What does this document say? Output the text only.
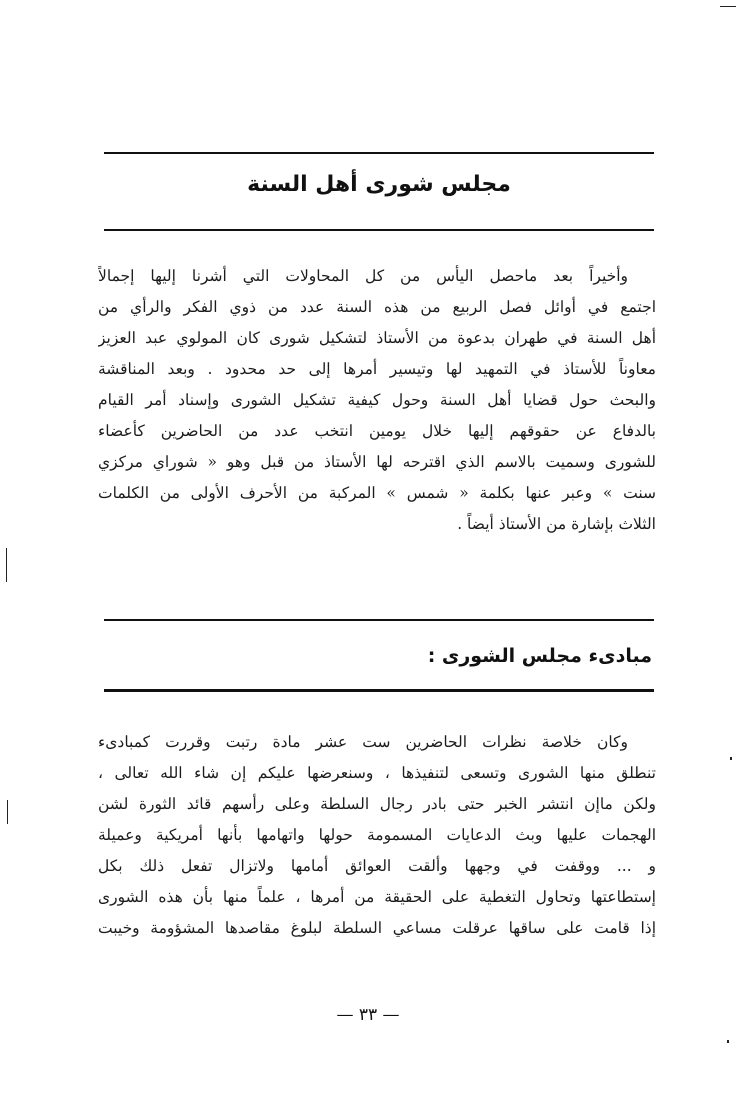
مجلس شورى أهل السنة
وأخيراً بعد ماحصل اليأس من كل المحاولات التي أشرنا إليها إجمالاً
اجتمع في أوائل فصل الربيع من هذه السنة عدد من ذوي الفكر والرأي من
أهل السنة في طهران بدعوة من الأستاذ لتشكيل شورى كان المولوي عبد العزيز
معاوناً للأستاذ في التمهيد لها وتيسير أمرها إلى حد محدود . وبعد المناقشة
والبحث حول قضايا أهل السنة وحول كيفية تشكيل الشورى وإسناد أمر القيام
بالدفاع عن حقوقهم إليها خلال يومين انتخب عدد من الحاضرين كأعضاء
للشورى وسميت بالاسم الذي اقترحه لها الأستاذ من قبل وهو « شوراي مركزي
سنت » وعبر عنها بكلمة « شمس » المركبة من الأحرف الأولى من الكلمات
الثلاث بإشارة من الأستاذ أيضاً .
مبادىء مجلس الشورى :
وكان خلاصة نظرات الحاضرين ست عشر مادة رتبت وقررت كمبادىء
تنطلق منها الشورى وتسعى لتنفيذها ، وسنعرضها عليكم إن شاء الله تعالى ،
ولكن ماإن انتشر الخبر حتى بادر رجال السلطة وعلى رأسهم قائد الثورة لشن
الهجمات عليها وبث الدعايات المسمومة حولها واتهامها بأنها أمريكية وعميلة
و ... ووقفت في وجهها وألقت العوائق أمامها ولاتزال تفعل ذلك بكل
إستطاعتها وتحاول التغطية على الحقيقة من أمرها ، علماً منها بأن هذه الشورى
إذا قامت على ساقها عرقلت مساعي السلطة لبلوغ مقاصدها المشؤومة وخيبت
— ٣٣ —
